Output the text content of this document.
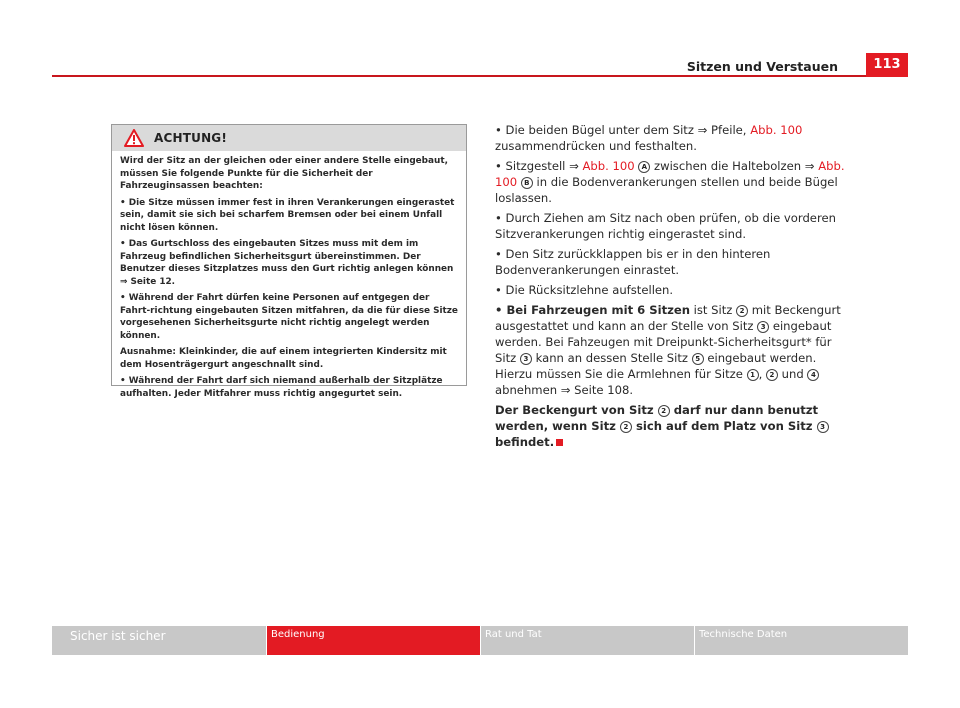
Sitzen und Verstauen	113
ACHTUNG!

Wird der Sitz an der gleichen oder einer andere Stelle eingebaut, müssen Sie folgende Punkte für die Sicherheit der Fahrzeuginsassen beachten:

• Die Sitze müssen immer fest in ihren Verankerungen eingerastet sein, damit sie sich bei scharfem Bremsen oder bei einem Unfall nicht lösen können.

• Das Gurtschloss des eingebauten Sitzes muss mit dem im Fahrzeug befindlichen Sicherheitsgurt übereinstimmen. Der Benutzer dieses Sitzplatzes muss den Gurt richtig anlegen können ⇒ Seite 12.

• Während der Fahrt dürfen keine Personen auf entgegen der Fahrt-richtung eingebauten Sitzen mitfahren, da die für diese Sitze vorgesehenen Sicherheitsgurte nicht richtig angelegt werden können.

Ausnahme: Kleinkinder, die auf einem integrierten Kindersitz mit dem Hosenträgergurt angeschnallt sind.

• Während der Fahrt darf sich niemand außerhalb der Sitzplätze aufhalten. Jeder Mitfahrer muss richtig angegurtet sein.

• Die beiden Bügel unter dem Sitz ⇒ Pfeile, Abb. 100 zusammendrücken und festhalten.

• Sitzgestell ⇒ Abb. 100 A zwischen die Haltebolzen ⇒ Abb. 100 B in die Bodenverankerungen stellen und beide Bügel loslassen.

• Durch Ziehen am Sitz nach oben prüfen, ob die vorderen Sitzverankerungen richtig eingerastet sind.

• Den Sitz zurückklappen bis er in den hinteren Bodenverankerungen einrastet.

• Die Rücksitzlehne aufstellen.

• Bei Fahrzeugen mit 6 Sitzen ist Sitz 2 mit Beckengurt ausgestattet und kann an der Stelle von Sitz 3 eingebaut werden. Bei Fahzeugen mit Dreipunkt-Sicherheitsgurt* für Sitz 3 kann an dessen Stelle Sitz 5 eingebaut werden. Hierzu müssen Sie die Armlehnen für Sitze 1 , 2 und 4 abnehmen ⇒ Seite 108.

Der Beckengurt von Sitz 2 darf nur dann benutzt werden, wenn Sitz 2 sich auf dem Platz von Sitz 3 befindet.

Sicher ist sicher	Bedienung	Rat und Tat	Technische Daten
